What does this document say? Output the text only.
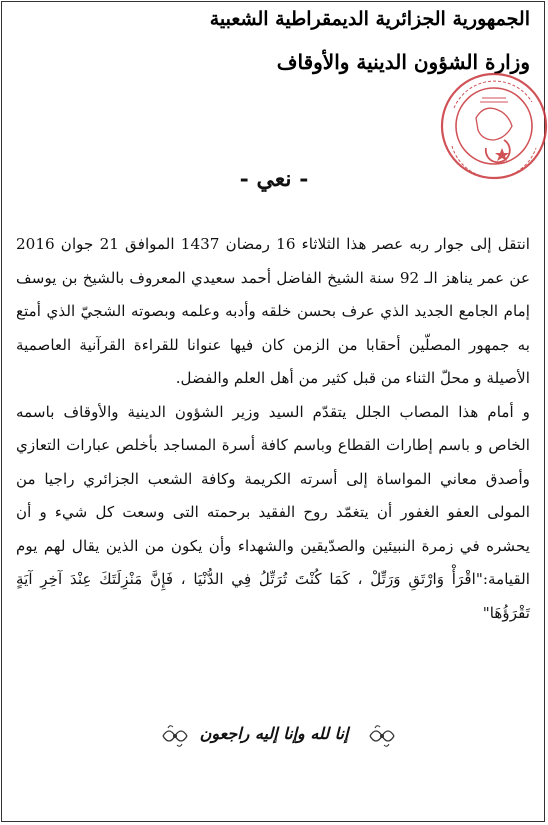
الجمهورية الجزائرية الديمقراطية الشعبية
وزارة الشؤون الدينية والأوقاف
- نعي -

انتقل إلى جوار ربه عصر هذا الثلاثاء 16 رمضان 1437 الموافق 21 جوان 2016 عن عمر يناهز الـ 92 سنة الشيخ الفاضل أحمد سعيدي المعروف بالشيخ بن يوسف إمام الجامع الجديد الذي عرف بحسن خلقه وأدبه وعلمه وبصوته الشجيّ الذي أمتع به جمهور المصلّين أحقابا من الزمن كان فيها عنوانا للقراءة القرآنية العاصمية الأصيلة و محلّ الثناء من قبل كثير من أهل العلم والفضل.

و أمام هذا المصاب الجلل يتقدّم السيد وزير الشؤون الدينية والأوقاف باسمه الخاص و باسم إطارات القطاع وباسم كافة أسرة المساجد بأخلص عبارات التعازي وأصدق معاني المواساة إلى أسرته الكريمة وكافة الشعب الجزائري راجيا من المولى العفو الغفور أن يتغمّد روح الفقيد برحمته التى وسعت كل شيء و أن يحشره في زمرة النبيئين والصدّيقين والشهداء وأن يكون من الذين يقال لهم يوم القيامة:"اقْرَأْ وَارْتَقِ وَرَتِّلْ ، كَمَا كُنْتَ تُرَتِّلُ فِي الدُّنْيَا ، فَإِنَّ مَنْزِلَتَكَ عِنْدَ آخِرِ آيَةٍ تَقْرَؤُهَا"

إنا لله وإنا إليه راجعون
